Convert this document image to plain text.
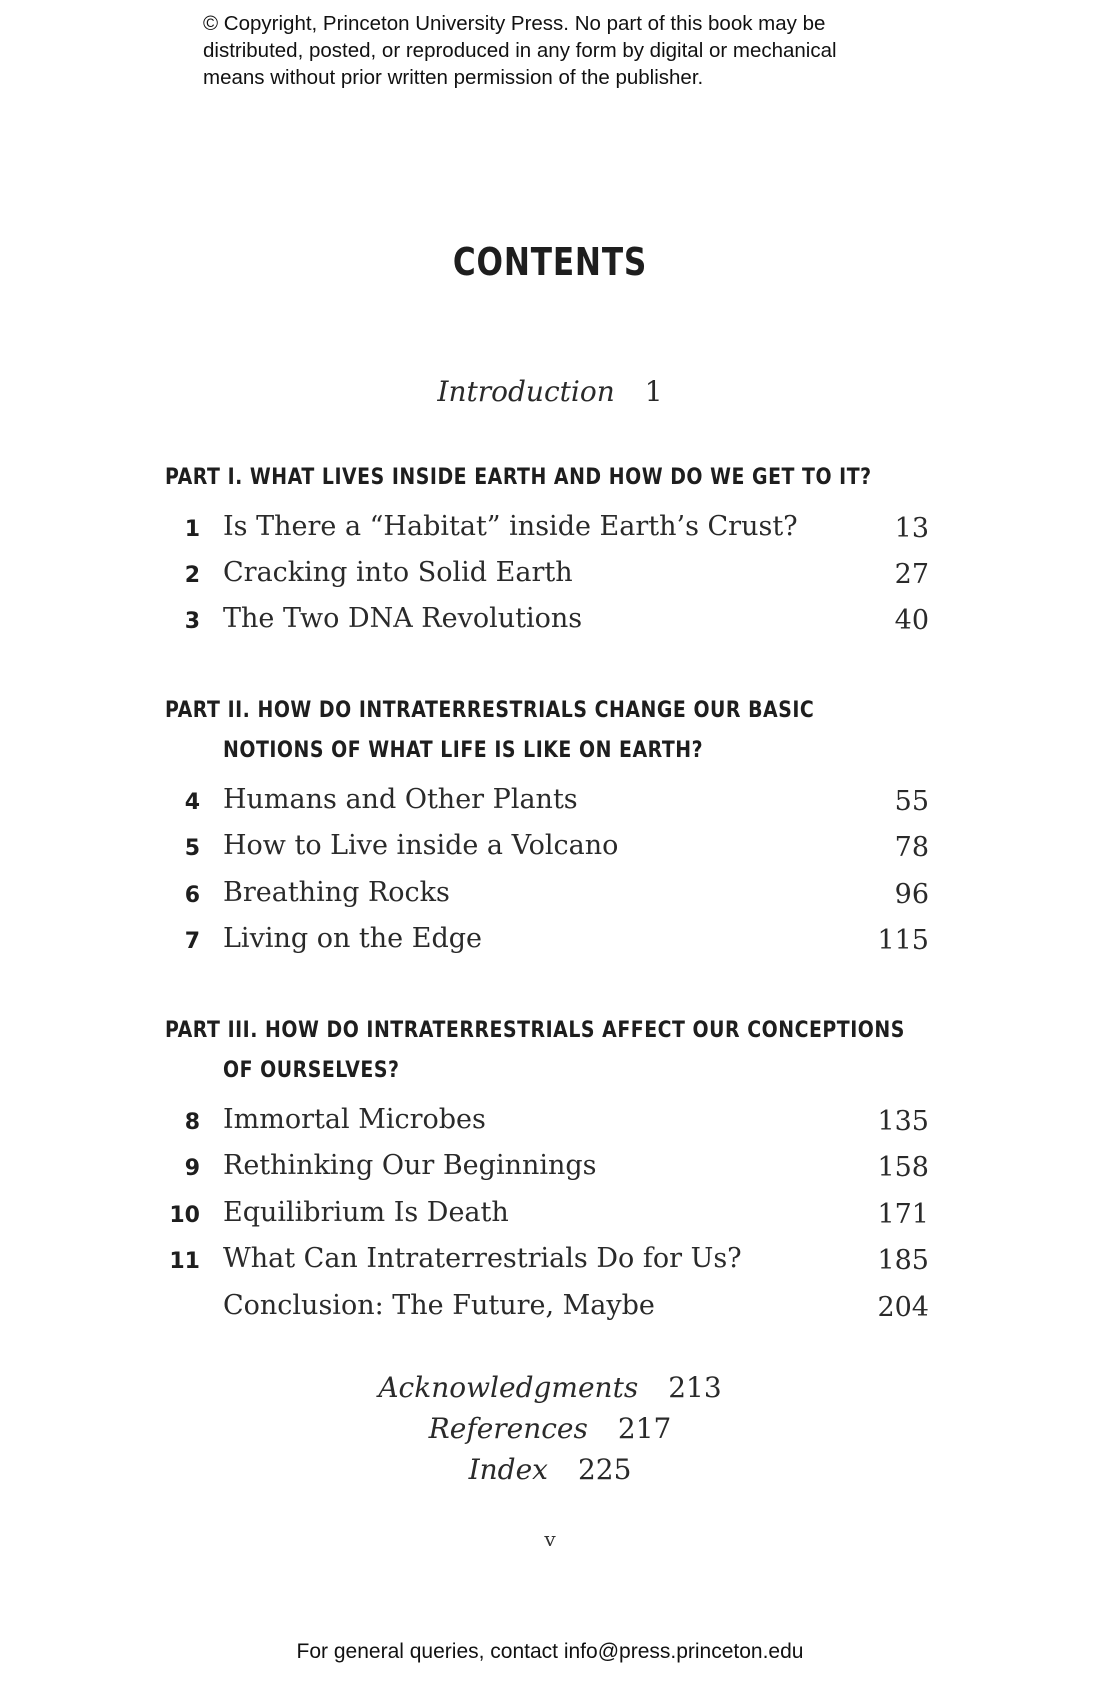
© Copyright, Princeton University Press. No part of this book may be
distributed, posted, or reproduced in any form by digital or mechanical
means without prior written permission of the publisher.
CONTENTS
Introduction 1
PART I. WHAT LIVES INSIDE EARTH AND HOW DO WE GET TO IT?
1 Is There a “Habitat” inside Earth’s Crust?	13
2 Cracking into Solid Earth	27
3 The Two DNA Revolutions	40
PART II. HOW DO INTRATERRESTRIALS CHANGE OUR BASIC
NOTIONS OF WHAT LIFE IS LIKE ON EARTH?
4 Humans and Other Plants	55
5 How to Live inside a Volcano	78
6 Breathing Rocks	96
7 Living on the Edge	115
PART III. HOW DO INTRATERRESTRIALS AFFECT OUR CONCEPTIONS
OF OURSELVES?
8 Immortal Microbes	135
9 Rethinking Our Beginnings	158
10 Equilibrium Is Death	171
11 What Can Intraterrestrials Do for Us?	185
Conclusion: The Future, Maybe	204
Acknowledgments 213
References 217
Index 225
v
For general queries, contact info@press.princeton.edu
